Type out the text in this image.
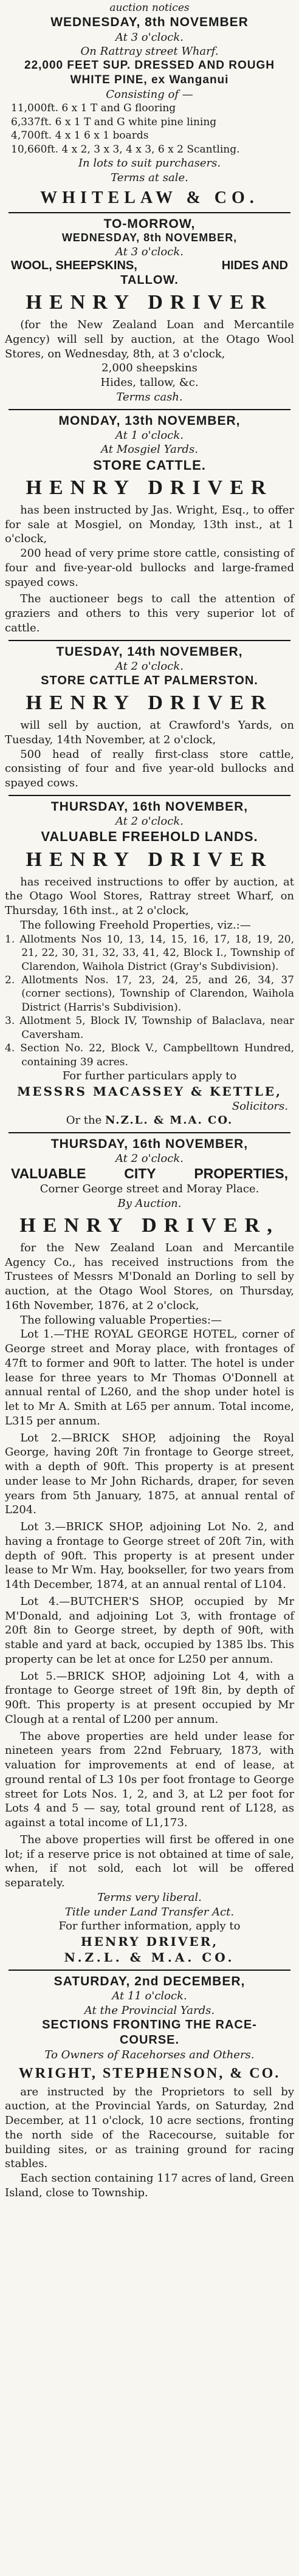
auction notices
WEDNESDAY, 8th NOVEMBER
At 3 o'clock.
On Rattray street Wharf.
22,000 FEET SUP. DRESSED AND ROUGH WHITE PINE, ex Wanganui
Consisting of —
11,000ft. 6 x 1 T and G flooring
6,337ft. 6 x 1 T and G white pine lining
4,700ft. 4 x 1 6 x 1 boards
10,660ft. 4 x 2, 3 x 3, 4 x 3, 6 x 2 Scantling.
In lots to suit purchasers.
Terms at sale.
WHITELAW & CO.
TO-MORROW,
WEDNESDAY, 8th NOVEMBER,
At 3 o'clock.
WOOL, SHEEPSKINS,	HIDES AND
TALLOW.
HENRY DRIVER
(for the New Zealand Loan and Mercantile Agency) will sell by auction, at the Otago Wool Stores, on Wednesday, 8th, at 3 o'clock,
2,000 sheepskins
Hides, tallow, &c.
Terms cash.
MONDAY, 13th NOVEMBER,
At 1 o'clock.
At Mosgiel Yards.
STORE CATTLE.
HENRY DRIVER
has been instructed by Jas. Wright, Esq., to offer for sale at Mosgiel, on Monday, 13th inst., at 1 o'clock,
200 head of very prime store cattle, consisting of four and five-year-old bullocks and large-framed spayed cows.
The auctioneer begs to call the attention of graziers and others to this very superior lot of cattle.
TUESDAY, 14th NOVEMBER,
At 2 o'clock.
STORE CATTLE AT PALMERSTON.
HENRY DRIVER
will sell by auction, at Crawford's Yards, on Tuesday, 14th November, at 2 o'clock,
500 head of really first-class store cattle, consisting of four and five year-old bullocks and spayed cows.
THURSDAY, 16th NOVEMBER,
At 2 o'clock.
VALUABLE FREEHOLD LANDS.
HENRY DRIVER
has received instructions to offer by auction, at the Otago Wool Stores, Rattray street Wharf, on Thursday, 16th inst., at 2 o'clock,
The following Freehold Properties, viz.:—
1. Allotments Nos 10, 13, 14, 15, 16, 17, 18, 19, 20, 21, 22, 30, 31, 32, 33, 41, 42, Block I., Township of Clarendon, Waihola District (Gray's Subdivision).
2. Allotments Nos. 17, 23, 24, 25, and 26, 34, 37 (corner sections), Township of Clarendon, Waihola District (Harris's Subdivision).
3. Allotment 5, Block IV, Township of Balaclava, near Caversham.
4. Section No. 22, Block V., Campbelltown Hundred, containing 39 acres.
For further particulars apply to
MESSRS MACASSEY & KETTLE,
Solicitors.
Or the N.Z.L. & M.A. CO.
THURSDAY, 16th NOVEMBER,
At 2 o'clock.
VALUABLE	CITY	PROPERTIES,
Corner George street and Moray Place.
By Auction.
HENRY DRIVER,
for the New Zealand Loan and Mercantile Agency Co., has received instructions from the Trustees of Messrs M'Donald an Dorling to sell by auction, at the Otago Wool Stores, on Thursday, 16th November, 1876, at 2 o'clock,
The following valuable Properties:—
Lot 1.—THE ROYAL GEORGE HOTEL, corner of George street and Moray place, with frontages of 47ft to former and 90ft to latter. The hotel is under lease for three years to Mr Thomas O'Donnell at annual rental of L260, and the shop under hotel is let to Mr A. Smith at L65 per annum. Total income, L315 per annum.
Lot 2.—BRICK SHOP, adjoining the Royal George, having 20ft 7in frontage to George street, with a depth of 90ft. This property is at present under lease to Mr John Richards, draper, for seven years from 5th January, 1875, at annual rental of L204.
Lot 3.—BRICK SHOP, adjoining Lot No. 2, and having a frontage to George street of 20ft 7in, with depth of 90ft. This property is at present under lease to Mr Wm. Hay, bookseller, for two years from 14th December, 1874, at an annual rental of L104.
Lot 4.—BUTCHER'S SHOP, occupied by Mr M'Donald, and adjoining Lot 3, with frontage of 20ft 8in to George street, by depth of 90ft, with stable and yard at back, occupied by 1385 lbs. This property can be let at once for L250 per annum.
Lot 5.—BRICK SHOP, adjoining Lot 4, with a frontage to George street of 19ft 8in, by depth of 90ft. This property is at present occupied by Mr Clough at a rental of L200 per annum.
The above properties are held under lease for nineteen years from 22nd February, 1873, with valuation for improvements at end of lease, at ground rental of L3 10s per foot frontage to George street for Lots Nos. 1, 2, and 3, at L2 per foot for Lots 4 and 5 — say, total ground rent of L128, as against a total income of L1,173.
The above properties will first be offered in one lot; if a reserve price is not obtained at time of sale, when, if not sold, each lot will be offered separately.
Terms very liberal.
Title under Land Transfer Act.
For further information, apply to
HENRY DRIVER,
N.Z.L. & M.A. CO.
SATURDAY, 2nd DECEMBER,
At 11 o'clock.
At the Provincial Yards.
SECTIONS FRONTING THE RACE-
COURSE.
To Owners of Racehorses and Others.
WRIGHT, STEPHENSON, & CO.
are instructed by the Proprietors to sell by auction, at the Provincial Yards, on Saturday, 2nd December, at 11 o'clock, 10 acre sections, fronting the north side of the Racecourse, suitable for building sites, or as training ground for racing stables.
Each section containing 117 acres of land, Green Island, close to Township.
